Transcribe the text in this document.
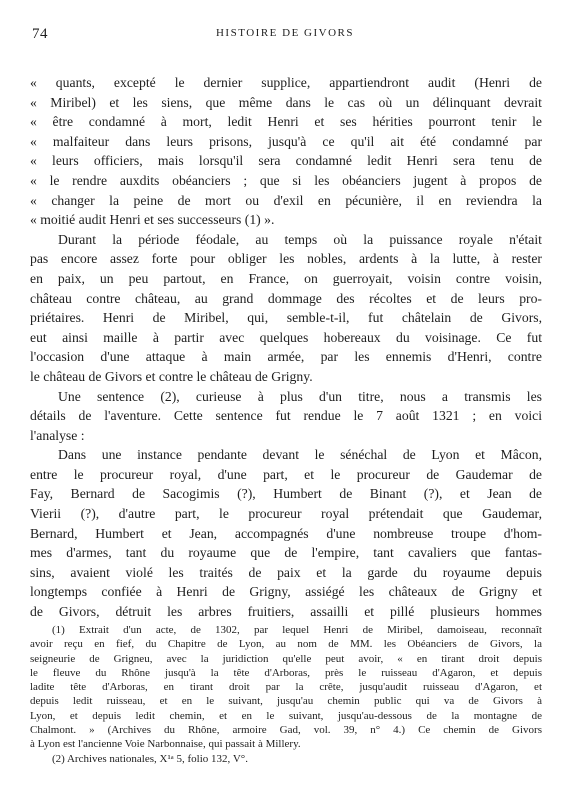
74	HISTOIRE DE GIVORS
« quants, excepté le dernier supplice, appartiendront audit (Henri de
« Miribel) et les siens, que même dans le cas où un délinquant devrait
« être condamné à mort, ledit Henri et ses hérities pourront tenir le
« malfaiteur dans leurs prisons, jusqu'à ce qu'il ait été condamné par
« leurs officiers, mais lorsqu'il sera condamné ledit Henri sera tenu de
« le rendre auxdits obéanciers ; que si les obéanciers jugent à propos de
« changer la peine de mort ou d'exil en pécunière, il en reviendra la
« moitié audit Henri et ses successeurs (1) ».
Durant la période féodale, au temps où la puissance royale n'était
pas encore assez forte pour obliger les nobles, ardents à la lutte, à rester
en paix, un peu partout, en France, on guerroyait, voisin contre voisin,
château contre château, au grand dommage des récoltes et de leurs pro-
priétaires. Henri de Miribel, qui, semble-t-il, fut châtelain de Givors,
eut ainsi maille à partir avec quelques hobereaux du voisinage. Ce fut
l'occasion d'une attaque à main armée, par les ennemis d'Henri, contre
le château de Givors et contre le château de Grigny.
Une sentence (2), curieuse à plus d'un titre, nous a transmis les
détails de l'aventure. Cette sentence fut rendue le 7 août 1321 ; en voici
l'analyse :
Dans une instance pendante devant le sénéchal de Lyon et Mâcon,
entre le procureur royal, d'une part, et le procureur de Gaudemar de
Fay, Bernard de Sacogimis (?), Humbert de Binant (?), et Jean de
Vierii (?), d'autre part, le procureur royal prétendait que Gaudemar,
Bernard, Humbert et Jean, accompagnés d'une nombreuse troupe d'hom-
mes d'armes, tant du royaume que de l'empire, tant cavaliers que fantas-
sins, avaient violé les traités de paix et la garde du royaume depuis
longtemps confiée à Henri de Grigny, assiégé les châteaux de Grigny et
de Givors, détruit les arbres fruitiers, assailli et pillé plusieurs hommes
(1) Extrait d'un acte, de 1302, par lequel Henri de Miribel, damoiseau, reconnaît
avoir reçu en fief, du Chapitre de Lyon, au nom de MM. les Obéanciers de Givors, la
seigneurie de Grigneu, avec la juridiction qu'elle peut avoir, « en tirant droit depuis
le fleuve du Rhône jusqu'à la tête d'Arboras, près le ruisseau d'Agaron, et depuis
ladite tête d'Arboras, en tirant droit par la crête, jusqu'audit ruisseau d'Agaron, et
depuis ledit ruisseau, et en le suivant, jusqu'au chemin public qui va de Givors à
Lyon, et depuis ledit chemin, et en le suivant, jusqu'au-dessous de la montagne de
Chalmont. » (Archives du Rhône, armoire Gad, vol. 39, n° 4.) Ce chemin de Givors
à Lyon est l'ancienne Voie Narbonnaise, qui passait à Millery.
(2) Archives nationales, X¹ᵃ 5, folio 132, V°.
